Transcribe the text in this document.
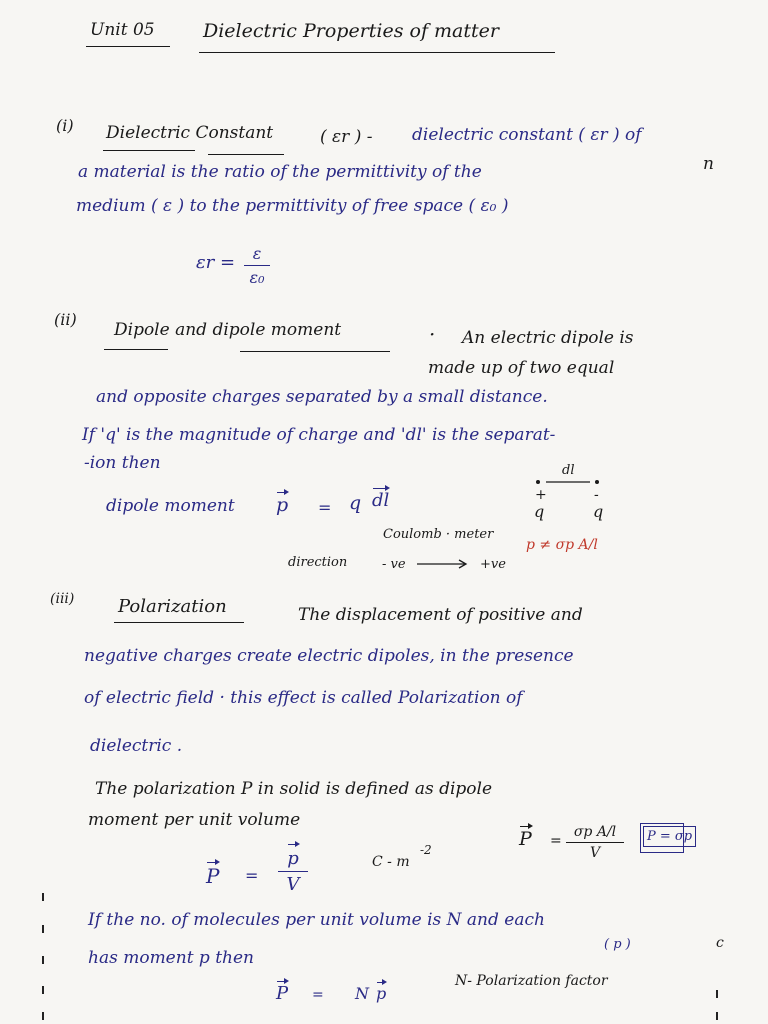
Unit 05	Dielectric Properties of matter
(i) Dielectric Constant	( εr ) - dielectric constant ( εr ) of
a material is the ratio of the permittivity of the	n
medium ( ε ) to the permittivity of free space ( ε₀ )
εr =	ε
ε₀
(ii)
Dipole and dipole moment	· An electric dipole is
made up of two equal
and opposite charges separated by a small distance.
If 'q' is the magnitude of charge and 'dl' is the separat-
-ion then
dipole moment p = q dl
Coulomb · meter
direction	- ve	+ve
dl
+	-
q	q
p ≠ σp A/l
(iii) Polarization	The displacement of positive and
negative charges create electric dipoles, in the presence
of electric field · this effect is called Polarization of
dielectric .
The polarization P in solid is defined as dipole
moment per unit volume
P =
p
V
C - m
-2	P =
σp A/l
V
P = σp
If the no. of molecules per unit volume is N and each
has moment p then
( p )	c
P = N p
N- Polarization factor
